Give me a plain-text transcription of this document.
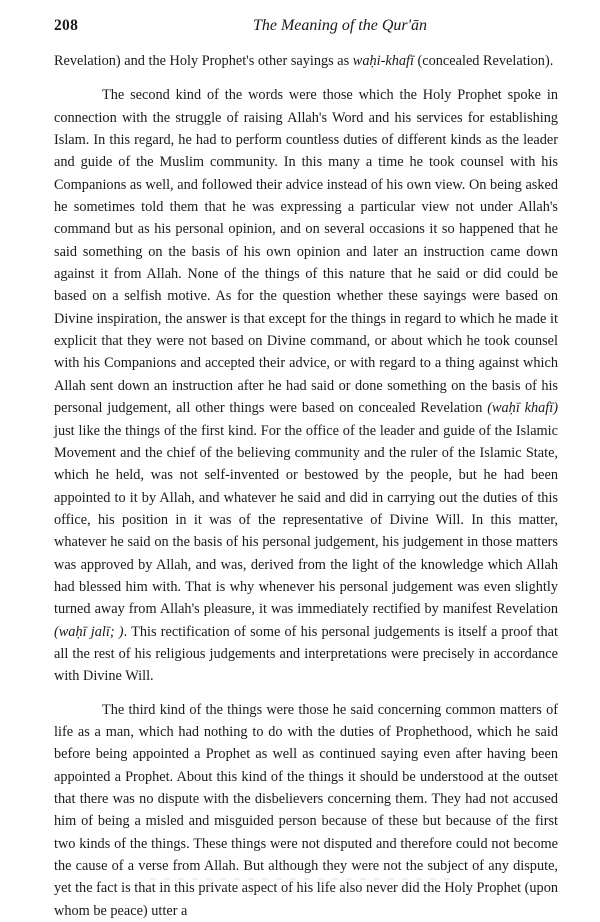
208	The Meaning of the Qur'ān

Revelation) and the Holy Prophet's other sayings as waḥi-khafī (concealed Revelation).

The second kind of the words were those which the Holy Prophet spoke in connection with the struggle of raising Allah's Word and his services for establishing Islam. In this regard, he had to perform countless duties of different kinds as the leader and guide of the Muslim community. In this many a time he took counsel with his Companions as well, and followed their advice instead of his own view. On being asked he sometimes told them that he was expressing a particular view not under Allah's command but as his personal opinion, and on several occasions it so happened that he said something on the basis of his own opinion and later an instruction came down against it from Allah. None of the things of this nature that he said or did could be based on a selfish motive. As for the question whether these sayings were based on Divine inspiration, the answer is that except for the things in regard to which he made it explicit that they were not based on Divine command, or about which he took counsel with his Companions and accepted their advice, or with regard to a thing against which Allah sent down an instruction after he had said or done something on the basis of his personal judgement, all other things were based on concealed Revelation (waḥī khafī) just like the things of the first kind. For the office of the leader and guide of the Islamic Movement and the chief of the believing community and the ruler of the Islamic State, which he held, was not self-invented or bestowed by the people, but he had been appointed to it by Allah, and whatever he said and did in carrying out the duties of this office, his position in it was of the representative of Divine Will. In this matter, whatever he said on the basis of his personal judgement, his judgement in those matters was approved by Allah, and was, derived from the light of the knowledge which Allah had blessed him with. That is why whenever his personal judgement was even slightly turned away from Allah's pleasure, it was immediately rectified by manifest Revelation (waḥī jalī; ). This rectification of some of his personal judgements is itself a proof that all the rest of his religious judgements and interpretations were precisely in accordance with Divine Will.

The third kind of the things were those he said concerning common matters of life as a man, which had nothing to do with the duties of Prophethood, which he said before being appointed a Prophet as well as continued saying even after having been appointed a Prophet. About this kind of the things it should be understood at the outset that there was no dispute with the disbelievers concerning them. They had not accused him of being a misled and misguided person because of these but because of the first two kinds of the things. These things were not disputed and therefore could not become the cause of a verse from Allah. But although they were not the subject of any dispute, yet the fact is that in this private aspect of his life also never did the Holy Prophet (upon whom be peace) utter a
